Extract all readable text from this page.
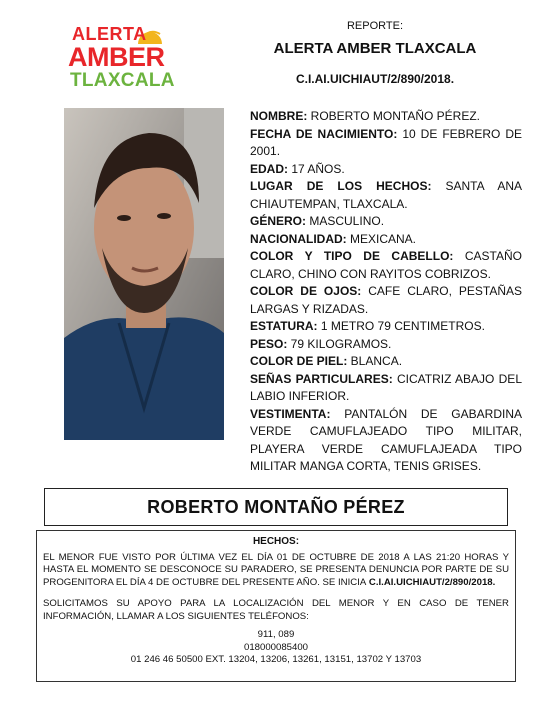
ALERTA
AMBER
TLAXCALA
REPORTE:
ALERTA AMBER TLAXCALA
C.I.AI.UICHIAUT/2/890/2018.

NOMBRE: ROBERTO MONTAÑO PÉREZ.

FECHA DE NACIMIENTO: 10 DE FEBRERO DE 2001.

EDAD: 17 AÑOS.

LUGAR DE LOS HECHOS: SANTA ANA CHIAUTEMPAN, TLAXCALA.

GÉNERO: MASCULINO.

NACIONALIDAD: MEXICANA.

COLOR Y TIPO DE CABELLO: CASTAÑO CLARO, CHINO CON RAYITOS COBRIZOS.

COLOR DE OJOS: CAFE CLARO, PESTAÑAS LARGAS Y RIZADAS.

ESTATURA: 1 METRO 79 CENTIMETROS.

PESO: 79 KILOGRAMOS.

COLOR DE PIEL: BLANCA.

SEÑAS PARTICULARES: CICATRIZ ABAJO DEL LABIO INFERIOR.

VESTIMENTA: PANTALÓN DE GABARDINA VERDE CAMUFLAJEADO TIPO MILITAR, PLAYERA VERDE CAMUFLAJEADA TIPO MILITAR MANGA CORTA, TENIS GRISES.

ROBERTO MONTAÑO PÉREZ
HECHOS:
EL MENOR FUE VISTO POR ÚLTIMA VEZ EL DÍA 01 DE OCTUBRE DE 2018 A LAS 21:20 HORAS Y HASTA EL MOMENTO SE DESCONOCE SU PARADERO, SE PRESENTA DENUNCIA POR PARTE DE SU PROGENITORA EL DÍA 4 DE OCTUBRE DEL PRESENTE AÑO. SE INICIA C.I.AI.UICHIAUT/2/890/2018.
SOLICITAMOS SU APOYO PARA LA LOCALIZACIÓN DEL MENOR Y EN CASO DE TENER INFORMACIÓN, LLAMAR A LOS SIGUIENTES TELÉFONOS:
911, 089
018000085400
01 246 46 50500 EXT. 13204, 13206, 13261, 13151, 13702 Y 13703
